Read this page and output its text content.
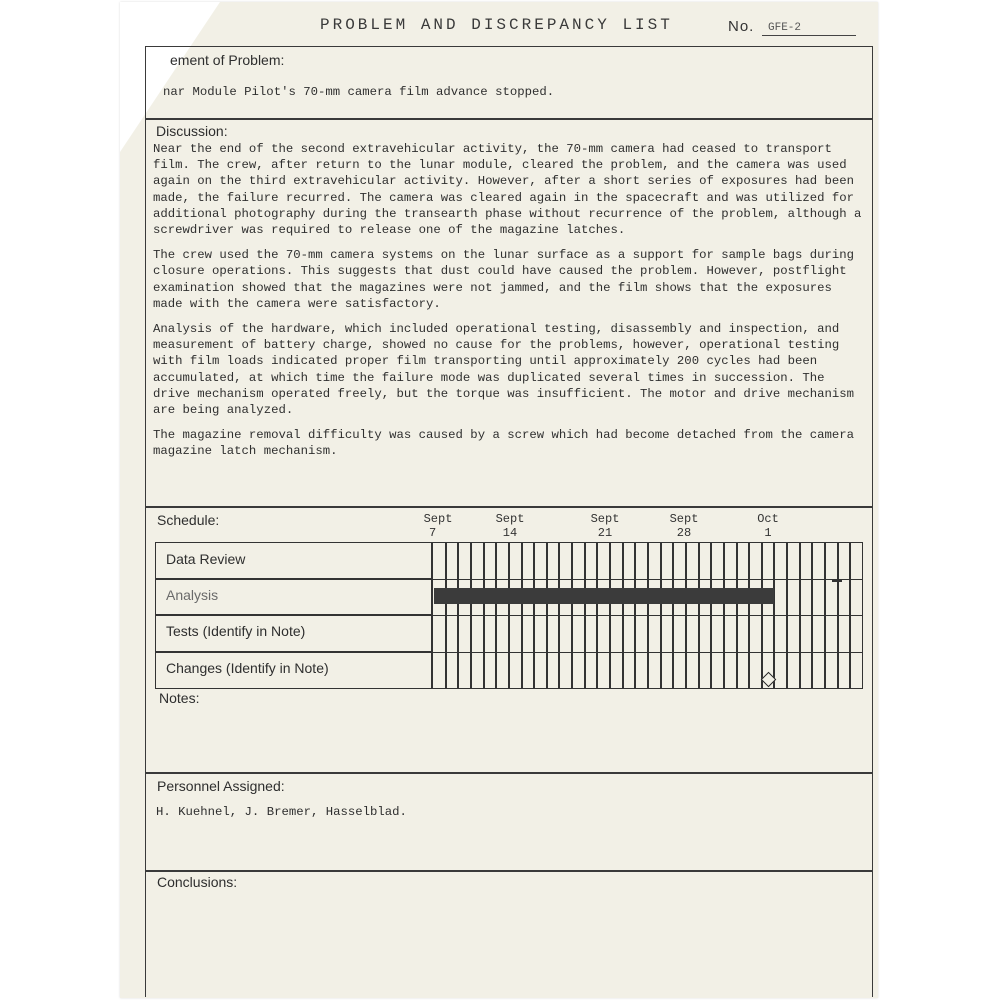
PROBLEM AND DISCREPANCY LIST	No. GFE-2
ement of Problem:
nar Module Pilot's 70-mm camera film advance stopped.
Discussion:

Near the end of the second extravehicular activity, the 70-mm camera had ceased to transport film. The crew, after return to the lunar module, cleared the problem, and the camera was used again on the third extravehicular activity. However, after a short series of exposures had been made, the failure recurred. The camera was cleared again in the spacecraft and was utilized for additional photography during the transearth phase without recurrence of the problem, although a screwdriver was required to release one of the magazine latches.

The crew used the 70-mm camera systems on the lunar surface as a support for sample bags during closure operations. This suggests that dust could have caused the problem. However, postflight examination showed that the magazines were not jammed, and the film shows that the exposures made with the camera were satisfactory.

Analysis of the hardware, which included operational testing, disassembly and inspection, and measurement of battery charge, showed no cause for the problems, however, operational testing with film loads indicated proper film transporting until approximately 200 cycles had been accumulated, at which time the failure mode was duplicated several times in succession. The drive mechanism operated freely, but the torque was insufficient. The motor and drive mechanism are being analyzed.

The magazine removal difficulty was caused by a screw which had become detached from the camera magazine latch mechanism.

Schedule:	Sept
7
Sept
14
Sept
21
Sept
28
Oct
1
Data Review
Analysis
Tests (Identify in Note)
Changes (Identify in Note)
Notes:
Personnel Assigned:
H. Kuehnel, J. Bremer, Hasselblad.
Conclusions:
